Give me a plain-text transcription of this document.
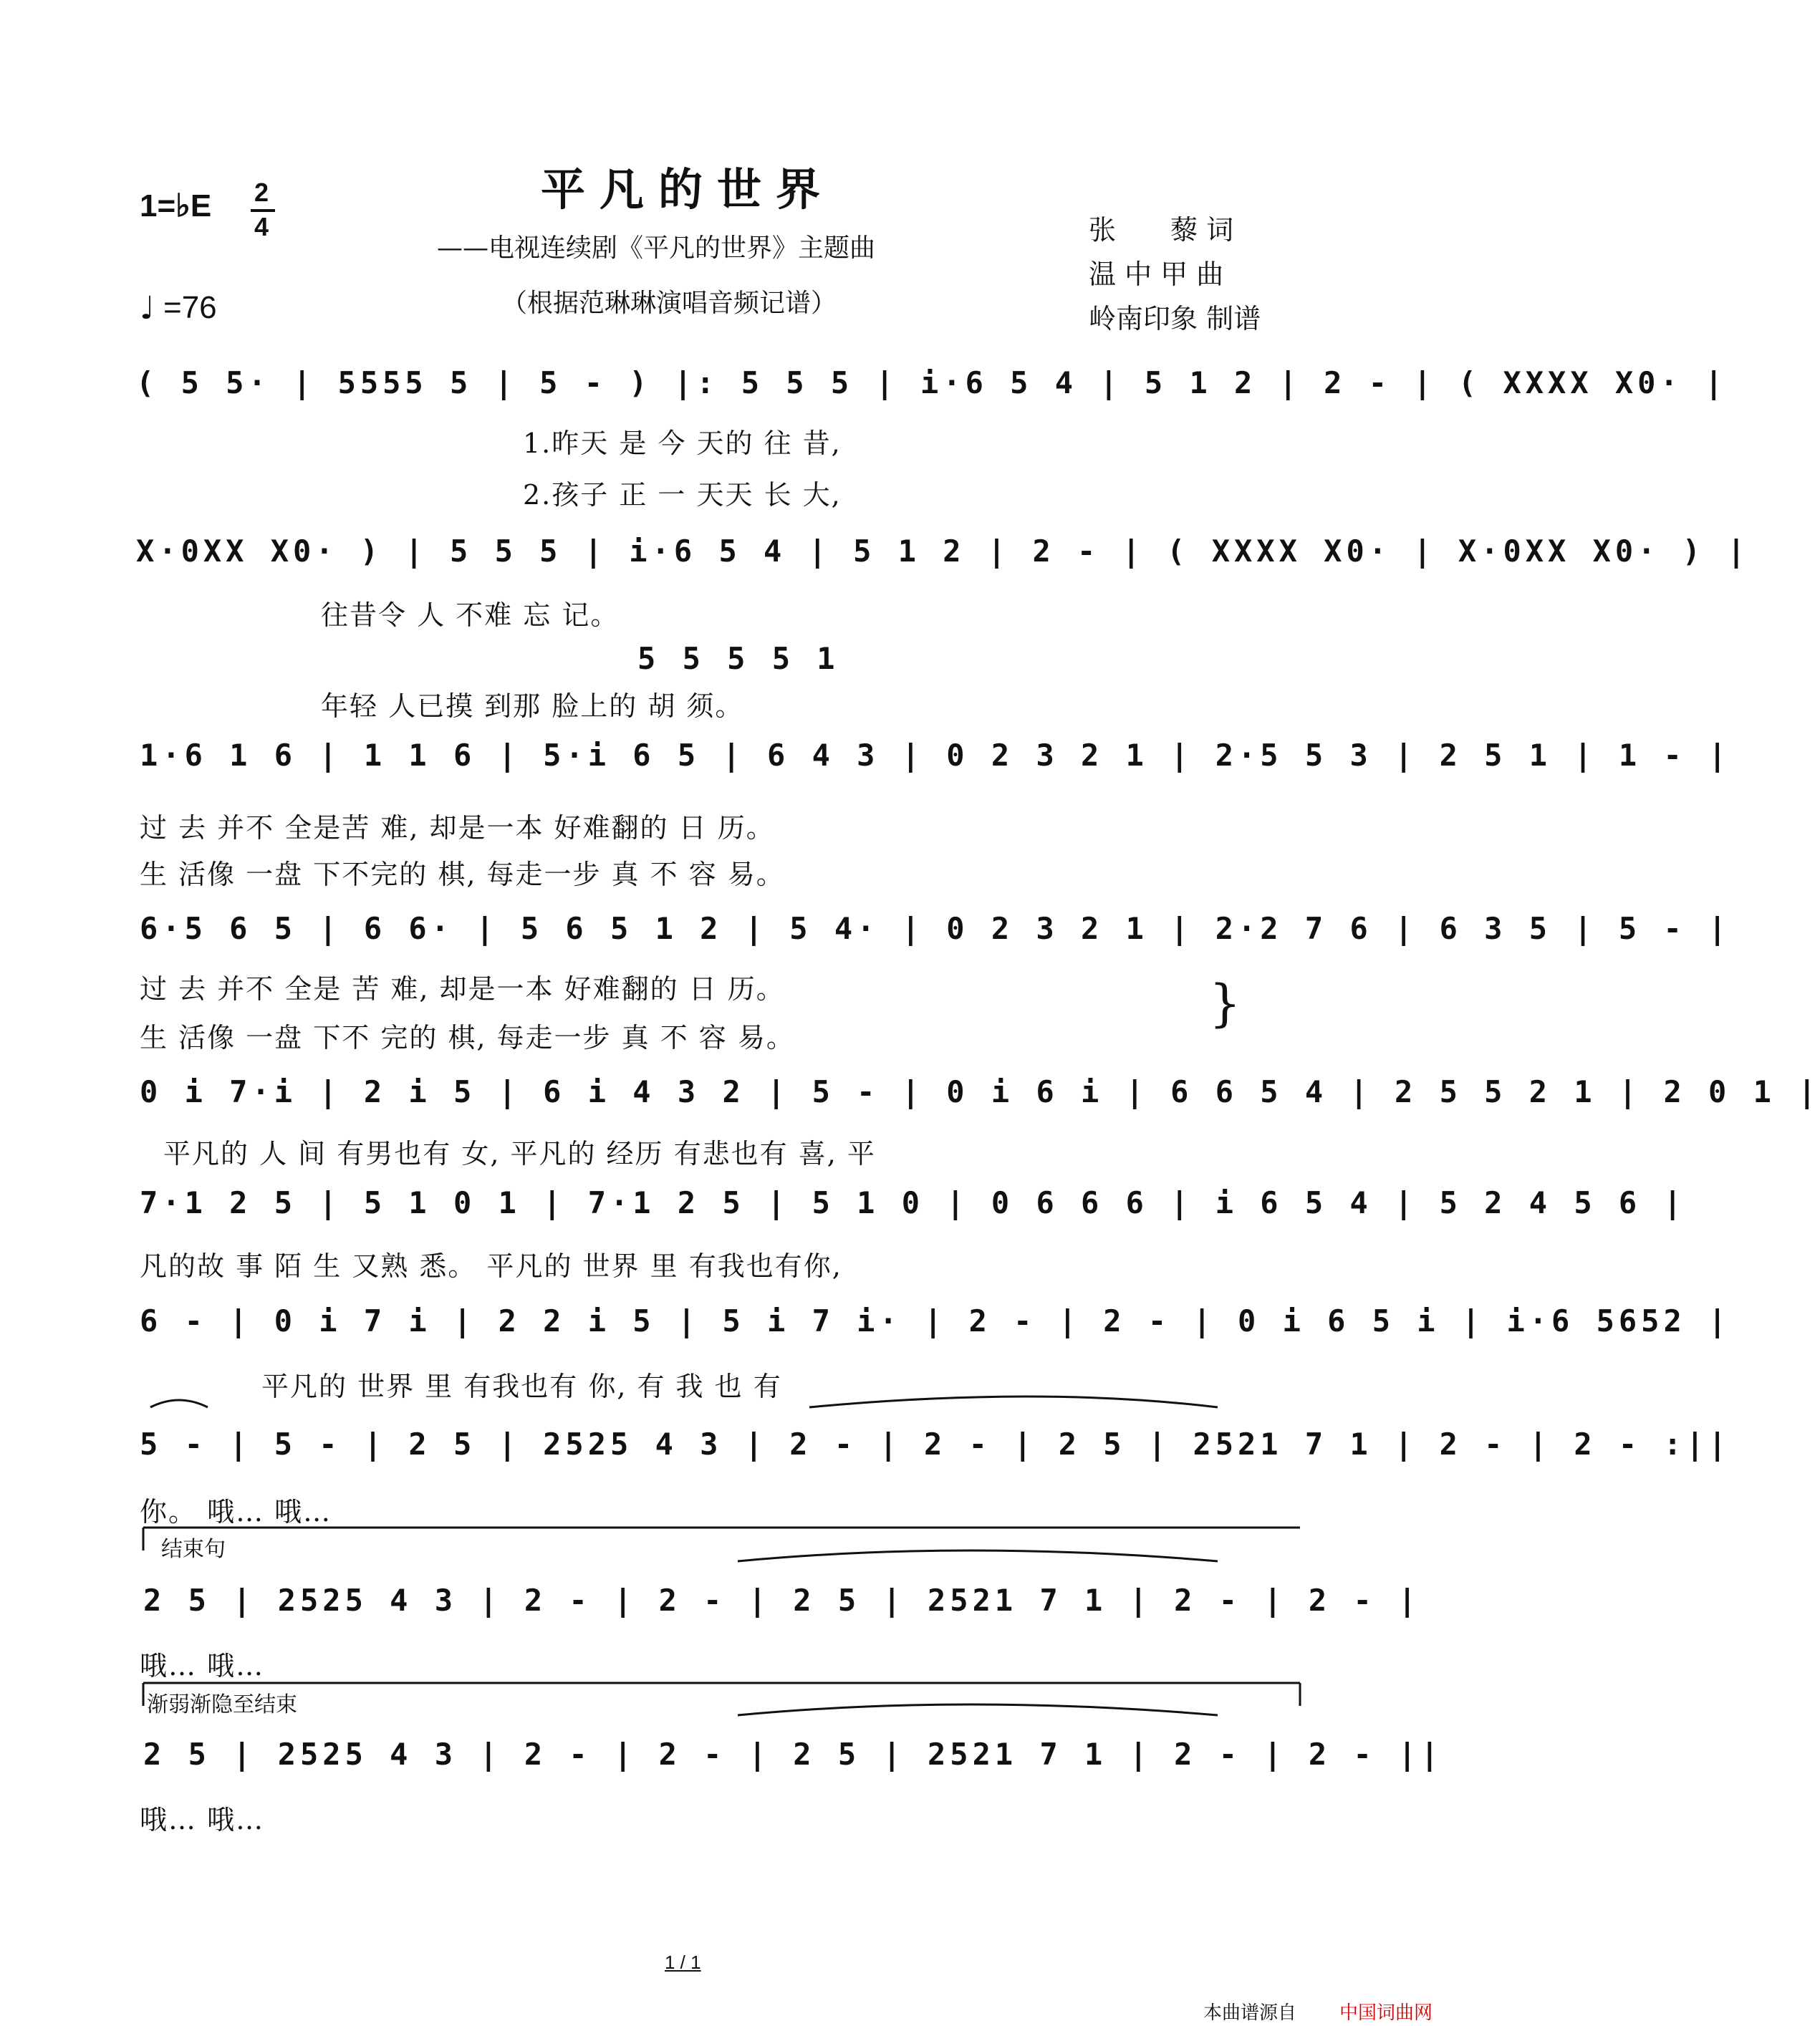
平凡的世界
——电视连续剧《平凡的世界》主题曲
（根据范琳琳演唱音频记谱）
1=♭E 2
4
♩ =76
张　　藜 词
温 中 甲 曲
岭南印象 制谱
( 5 5· | 5555 5 | 5 - ) |: 5 5 5 | i·6 5 4 | 5 1 2 | 2 - | ( XXXX X0· |
1.昨天 是 今 天的 往 昔,
2.孩子 正 一 天天 长 大,
X·0XX X0· ) | 5 5 5 | i·6 5 4 | 5 1 2 | 2 - | ( XXXX X0· | X·0XX X0· ) |
往昔令 人 不难 忘 记。
5 5 5 5 1
年轻 人已摸 到那 脸上的 胡 须。
1·6 1 6 | 1 1 6 | 5·i 6 5 | 6 4 3 | 0 2 3 2 1 | 2·5 5 3 | 2 5 1 | 1 - |
过 去 并不 全是苦 难, 却是一本 好难翻的 日 历。
生 活像 一盘 下不完的 棋, 每走一步 真 不 容 易。
6·5 6 5 | 6 6· | 5 6 5 1 2 | 5 4· | 0 2 3 2 1 | 2·2 7 6 | 6 3 5 | 5 - |
过 去 并不 全是 苦 难, 却是一本 好难翻的 日 历。
生 活像 一盘 下不 完的 棋, 每走一步 真 不 容 易。
}
0 i 7·i | 2 i 5 | 6 i 4 3 2 | 5 - | 0 i 6 i | 6 6 5 4 | 2 5 5 2 1 | 2 0 1 |
平凡的 人 间 有男也有 女, 平凡的 经历 有悲也有 喜, 平
7·1 2 5 | 5 1 0 1 | 7·1 2 5 | 5 1 0 | 0 6 6 6 | i 6 5 4 | 5 2 4 5 6 |
凡的故 事 陌 生 又熟 悉。 平凡的 世界 里 有我也有你,
6 - | 0 i 7 i | 2 2 i 5 | 5 i 7 i· | 2 - | 2 - | 0 i 6 5 i | i·6 5652 |
平凡的 世界 里 有我也有 你, 有 我 也 有
5 - | 5 - | 2 5 | 2525 4 3 | 2 - | 2 - | 2 5 | 2521 7 1 | 2 - | 2 - :||
你。 哦… 哦…
结束句
2 5 | 2525 4 3 | 2 - | 2 - | 2 5 | 2521 7 1 | 2 - | 2 - |
哦… 哦…
渐弱渐隐至结束
2 5 | 2525 4 3 | 2 - | 2 - | 2 5 | 2521 7 1 | 2 - | 2 - ||
哦… 哦…
1 / 1
本曲谱源自 中国词曲网
